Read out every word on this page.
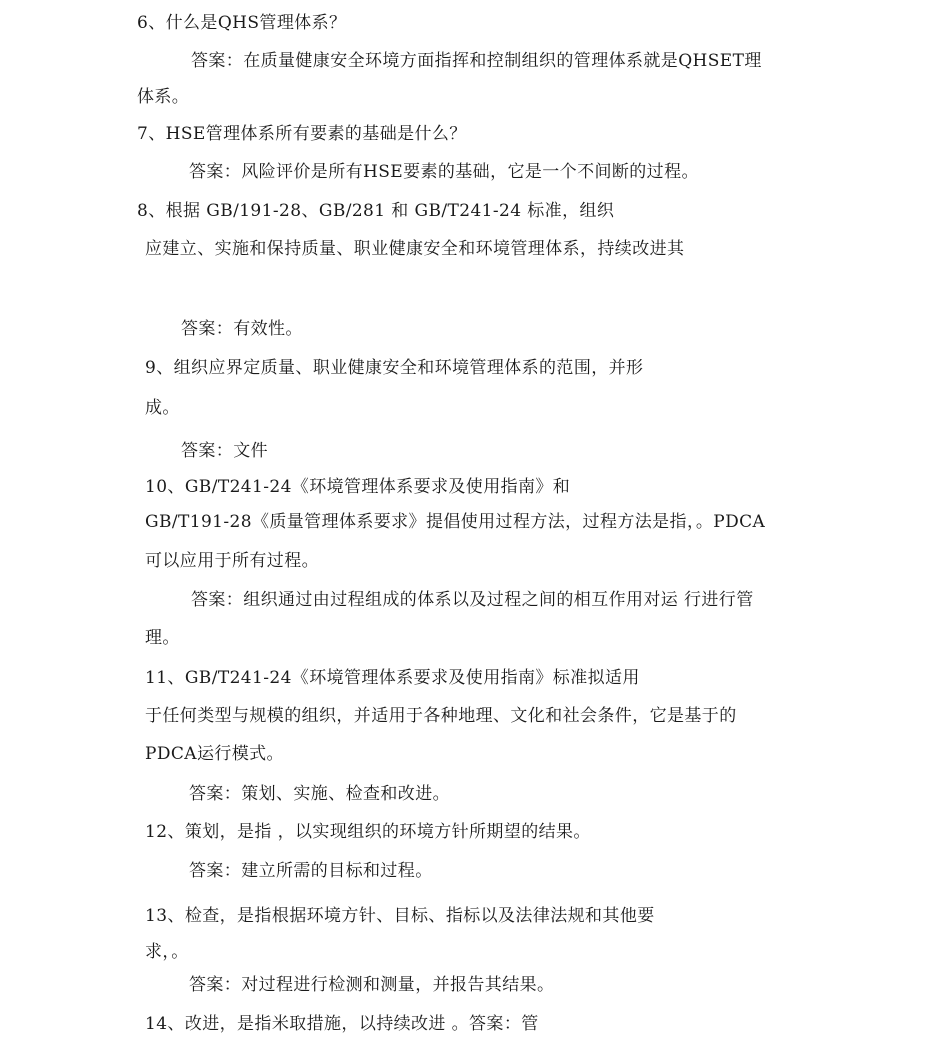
6、什么是QHS管理体系？
答案：在质量健康安全环境方面指挥和控制组织的管理体系就是QHSET理
体系。
7、HSE管理体系所有要素的基础是什么？
答案：风险评价是所有HSE要素的基础，它是一个不间断的过程。
8、根据 GB/191-28、GB/281 和 GB/T241-24 标准，组织
应建立、实施和保持质量、职业健康安全和环境管理体系，持续改进其
答案：有效性。
9、组织应界定质量、职业健康安全和环境管理体系的范围，并形
成。
答案：文件
10、GB/T241-24《环境管理体系要求及使用指南》和
GB/T191-28《质量管理体系要求》提倡使用过程方法，过程方法是指，。PDCA
可以应用于所有过程。
答案：组织通过由过程组成的体系以及过程之间的相互作用对运 行进行管
理。
11、GB/T241-24《环境管理体系要求及使用指南》标准拟适用
于任何类型与规模的组织，并适用于各种地理、文化和社会条件，它是基于的
PDCA运行模式。
答案：策划、实施、检查和改进。
12、策划，是指 ，以实现组织的环境方针所期望的结果。
答案：建立所需的目标和过程。
13、检查，是指根据环境方针、目标、指标以及法律法规和其他要
求，。
答案：对过程进行检测和测量，并报告其结果。
14、改进，是指米取措施，以持续改进 。答案：管
